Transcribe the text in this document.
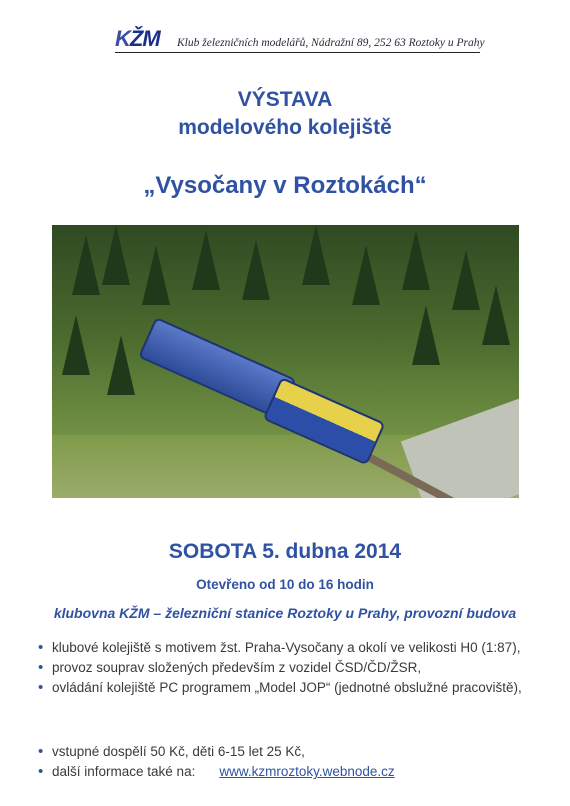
KŽM Klub železničních modelářů, Nádražní 89, 252 63 Roztoky u Prahy
VÝSTAVA
modelového kolejiště
„Vysočany v Roztokách“
SOBOTA 5. dubna 2014
Otevřeno od 10 do 16 hodin
klubovna KŽM – železniční stanice Roztoky u Prahy, provozní budova
• klubové kolejiště s motivem žst. Praha-Vysočany a okolí ve velikosti H0 (1:87),
• provoz souprav složených především z vozidel ČSD/ČD/ŽSR,
• ovládání kolejiště PC programem „Model JOP“ (jednotné obslužné pracoviště),
• vstupné dospělí 50 Kč, děti 6-15 let 25 Kč,
• další informace také na: www.kzmroztoky.webnode.cz
